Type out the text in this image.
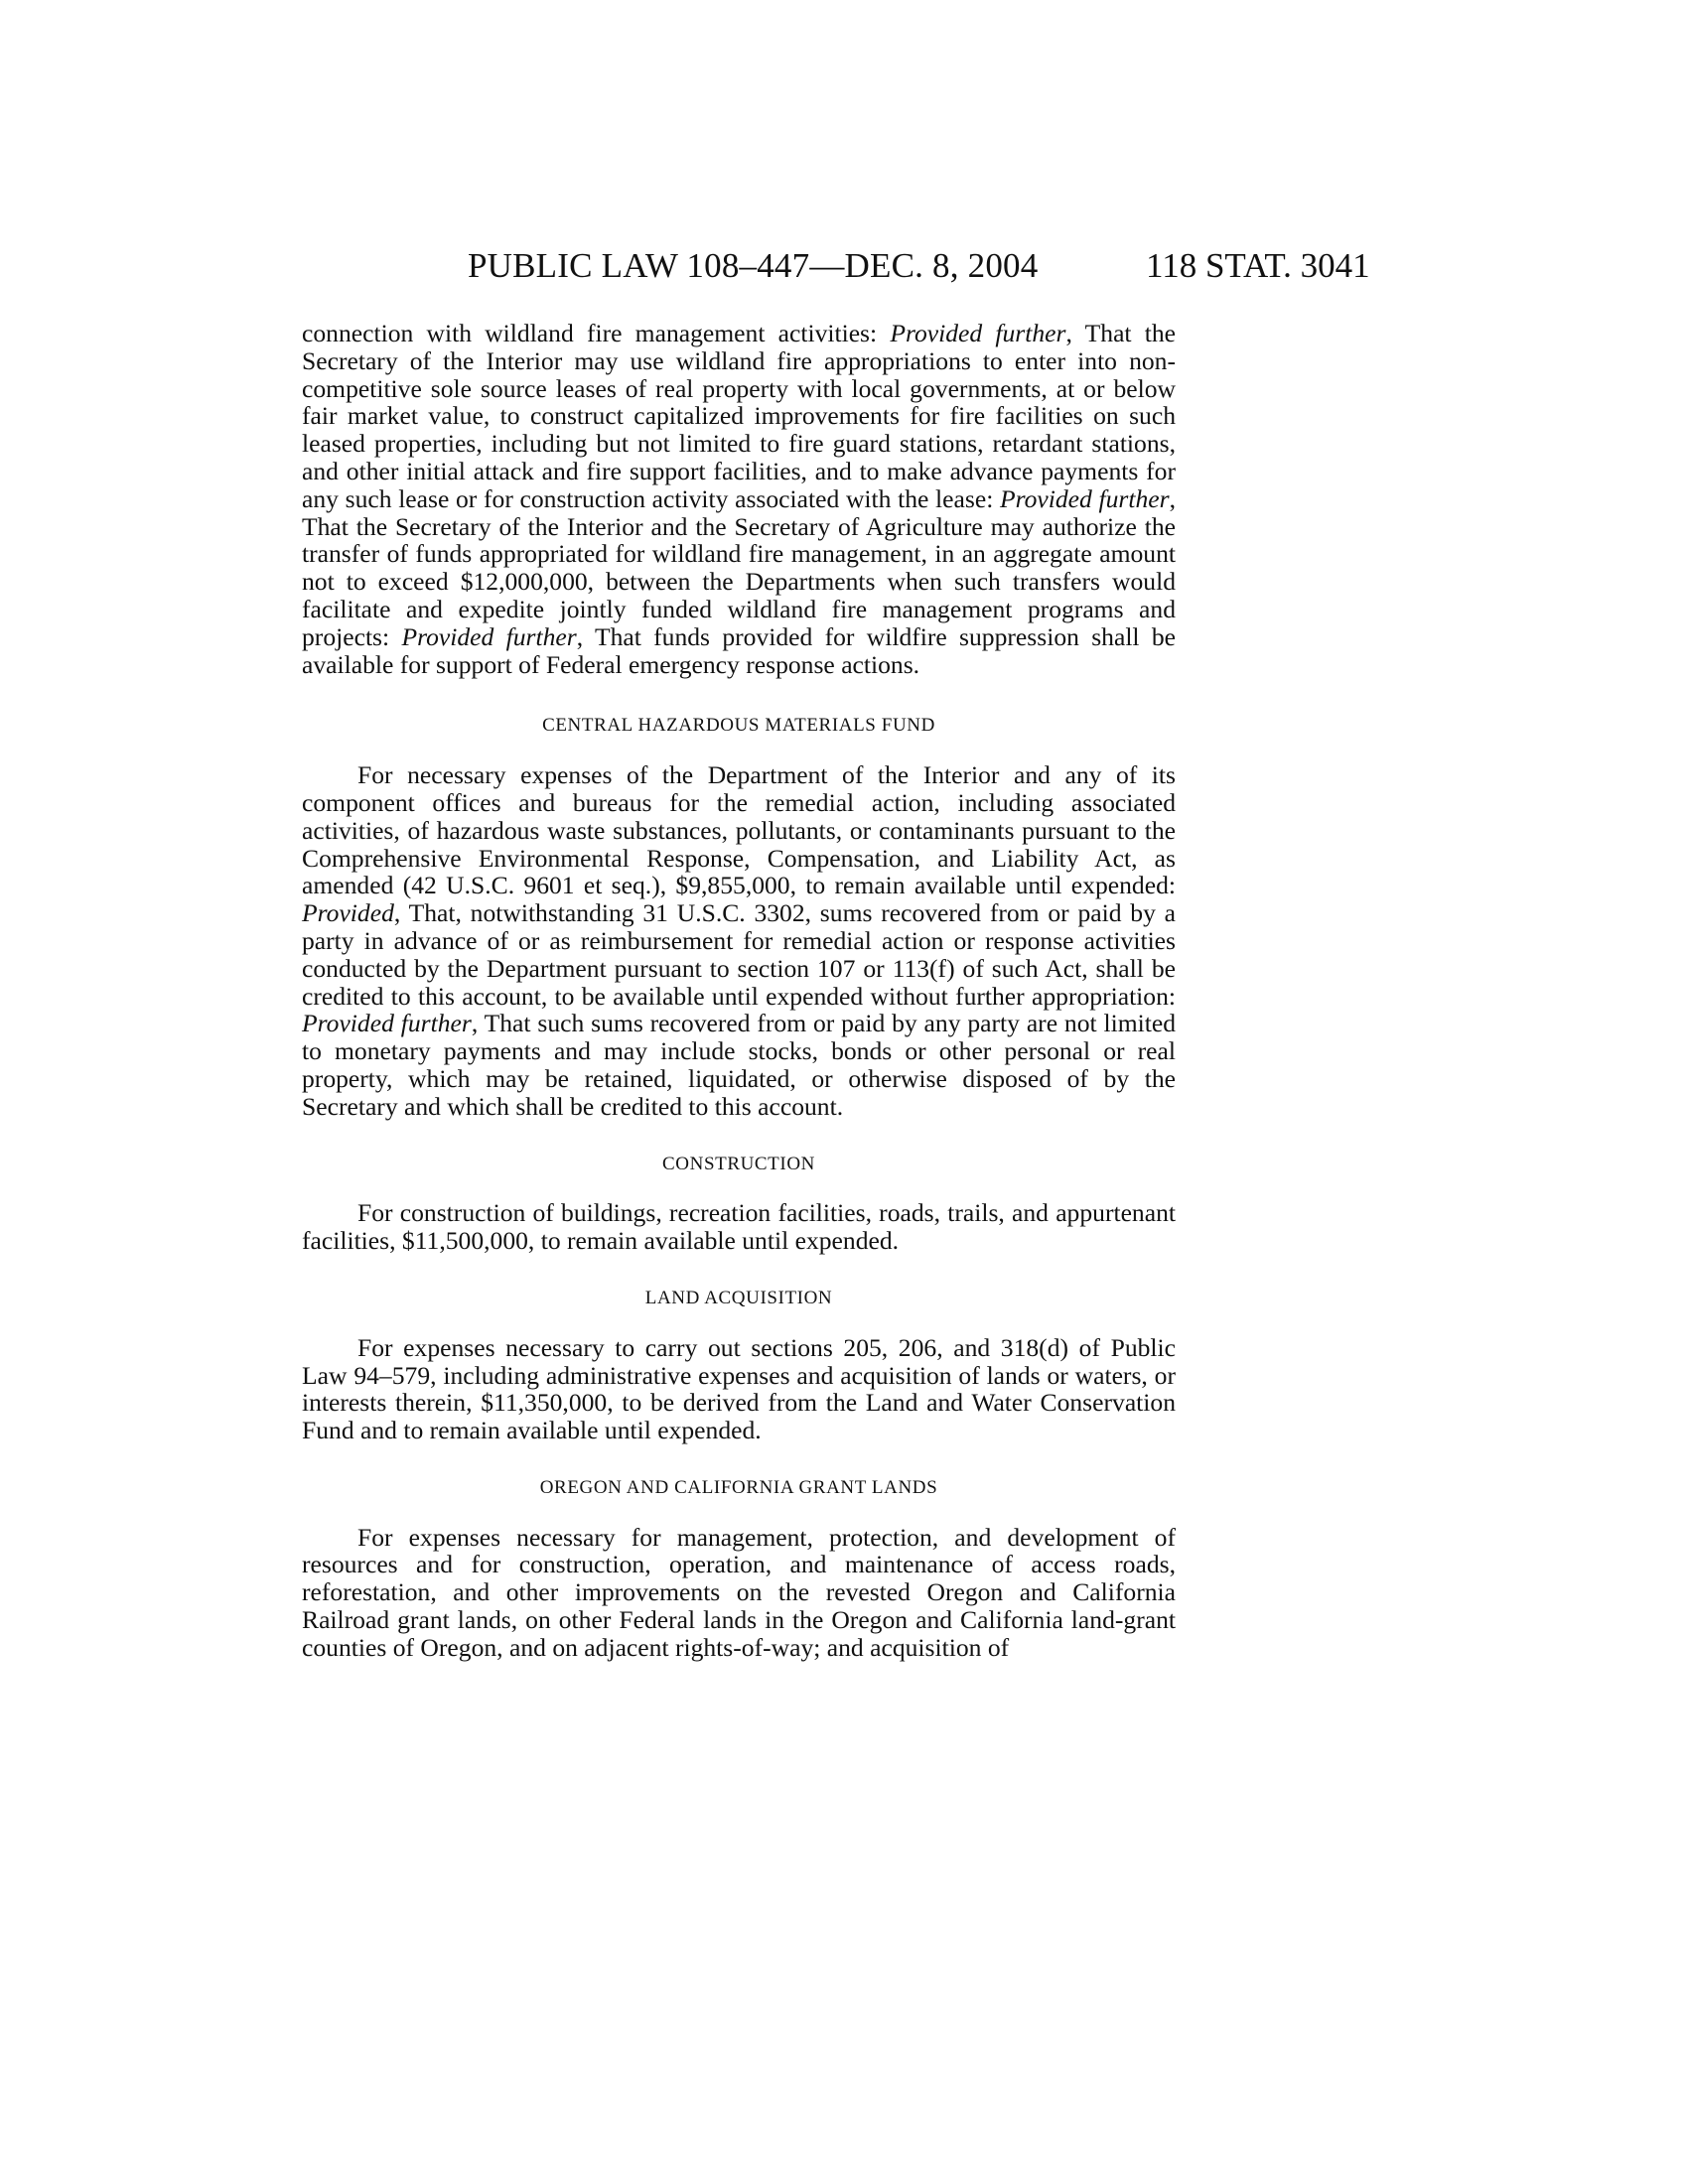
PUBLIC LAW 108–447—DEC. 8, 2004	118 STAT. 3041

connection with wildland fire management activities: Provided further, That the Secretary of the Interior may use wildland fire appropriations to enter into non-competitive sole source leases of real property with local governments, at or below fair market value, to construct capitalized improvements for fire facilities on such leased properties, including but not limited to fire guard stations, retardant stations, and other initial attack and fire support facilities, and to make advance payments for any such lease or for construction activity associated with the lease: Provided further, That the Secretary of the Interior and the Secretary of Agriculture may authorize the transfer of funds appropriated for wildland fire management, in an aggregate amount not to exceed $12,000,000, between the Departments when such transfers would facilitate and expedite jointly funded wildland fire management programs and projects: Provided further, That funds provided for wildfire suppression shall be available for support of Federal emergency response actions.

CENTRAL HAZARDOUS MATERIALS FUND

For necessary expenses of the Department of the Interior and any of its component offices and bureaus for the remedial action, including associated activities, of hazardous waste substances, pollutants, or contaminants pursuant to the Comprehensive Environmental Response, Compensation, and Liability Act, as amended (42 U.S.C. 9601 et seq.), $9,855,000, to remain available until expended: Provided, That, notwithstanding 31 U.S.C. 3302, sums recovered from or paid by a party in advance of or as reimbursement for remedial action or response activities conducted by the Department pursuant to section 107 or 113(f) of such Act, shall be credited to this account, to be available until expended without further appropriation: Provided further, That such sums recovered from or paid by any party are not limited to monetary payments and may include stocks, bonds or other personal or real property, which may be retained, liquidated, or otherwise disposed of by the Secretary and which shall be credited to this account.

CONSTRUCTION

For construction of buildings, recreation facilities, roads, trails, and appurtenant facilities, $11,500,000, to remain available until expended.

LAND ACQUISITION

For expenses necessary to carry out sections 205, 206, and 318(d) of Public Law 94–579, including administrative expenses and acquisition of lands or waters, or interests therein, $11,350,000, to be derived from the Land and Water Conservation Fund and to remain available until expended.

OREGON AND CALIFORNIA GRANT LANDS

For expenses necessary for management, protection, and development of resources and for construction, operation, and maintenance of access roads, reforestation, and other improvements on the revested Oregon and California Railroad grant lands, on other Federal lands in the Oregon and California land-grant counties of Oregon, and on adjacent rights-of-way; and acquisition of
